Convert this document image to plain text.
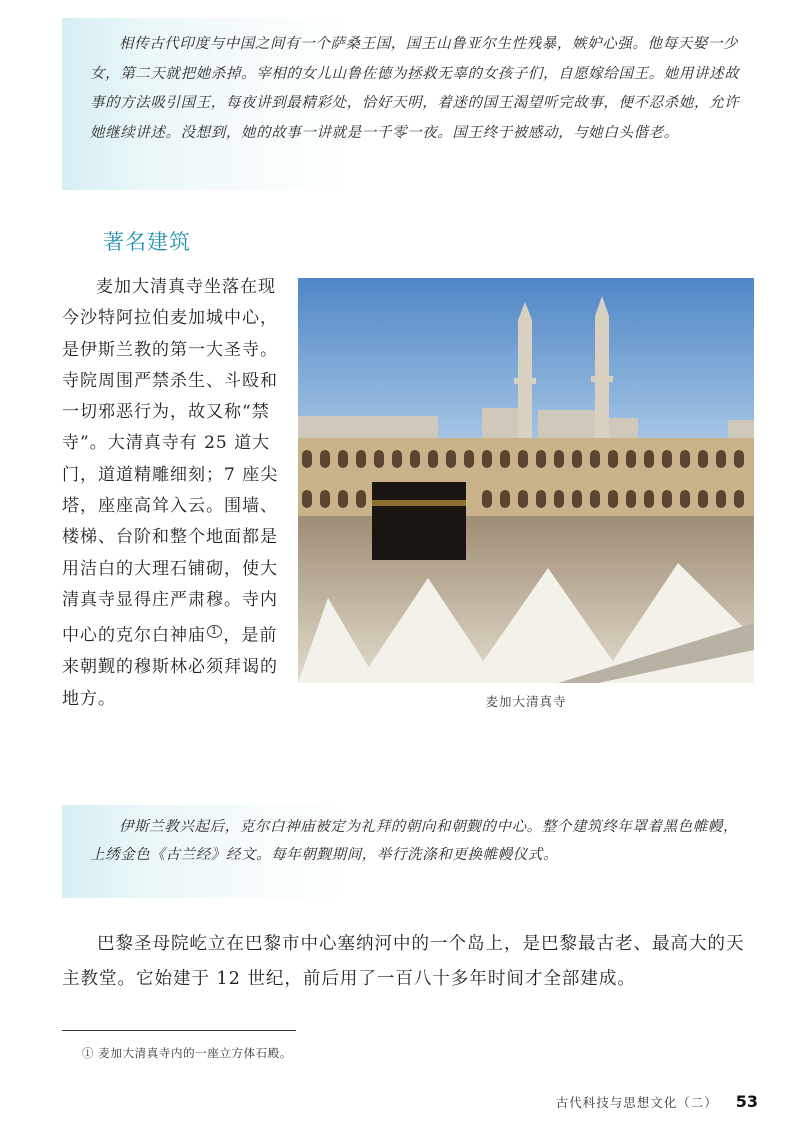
相传古代印度与中国之间有一个萨桑王国，国王山鲁亚尔生性残暴，嫉妒心强。他每天娶一少女，第二天就把她杀掉。宰相的女儿山鲁佐德为拯救无辜的女孩子们，自愿嫁给国王。她用讲述故事的方法吸引国王，每夜讲到最精彩处，恰好天明，着迷的国王渴望听完故事，便不忍杀她，允许她继续讲述。没想到，她的故事一讲就是一千零一夜。国王终于被感动，与她白头偕老。

著名建筑

麦加大清真寺坐落在现今沙特阿拉伯麦加城中心，是伊斯兰教的第一大圣寺。寺院周围严禁杀生、斗殴和一切邪恶行为，故又称“禁寺”。大清真寺有 25 道大门，道道精雕细刻；7 座尖塔，座座高耸入云。围墙、楼梯、台阶和整个地面都是用洁白的大理石铺砌，使大清真寺显得庄严肃穆。寺内中心的克尔白神庙 $^1$ ，是前来朝觐的穆斯林必须拜谒的地方。	麦加大清真寺

伊斯兰教兴起后，克尔白神庙被定为礼拜的朝向和朝觐的中心。整个建筑终年罩着黑色帷幔，上绣金色《古兰经》经文。每年朝觐期间，举行洗涤和更换帷幔仪式。

巴黎圣母院屹立在巴黎市中心塞纳河中的一个岛上，是巴黎最古老、最高大的天主教堂。它始建于 12 世纪，前后用了一百八十多年时间才全部建成。

① 麦加大清真寺内的一座立方体石殿。

古代科技与思想文化（二） 53
